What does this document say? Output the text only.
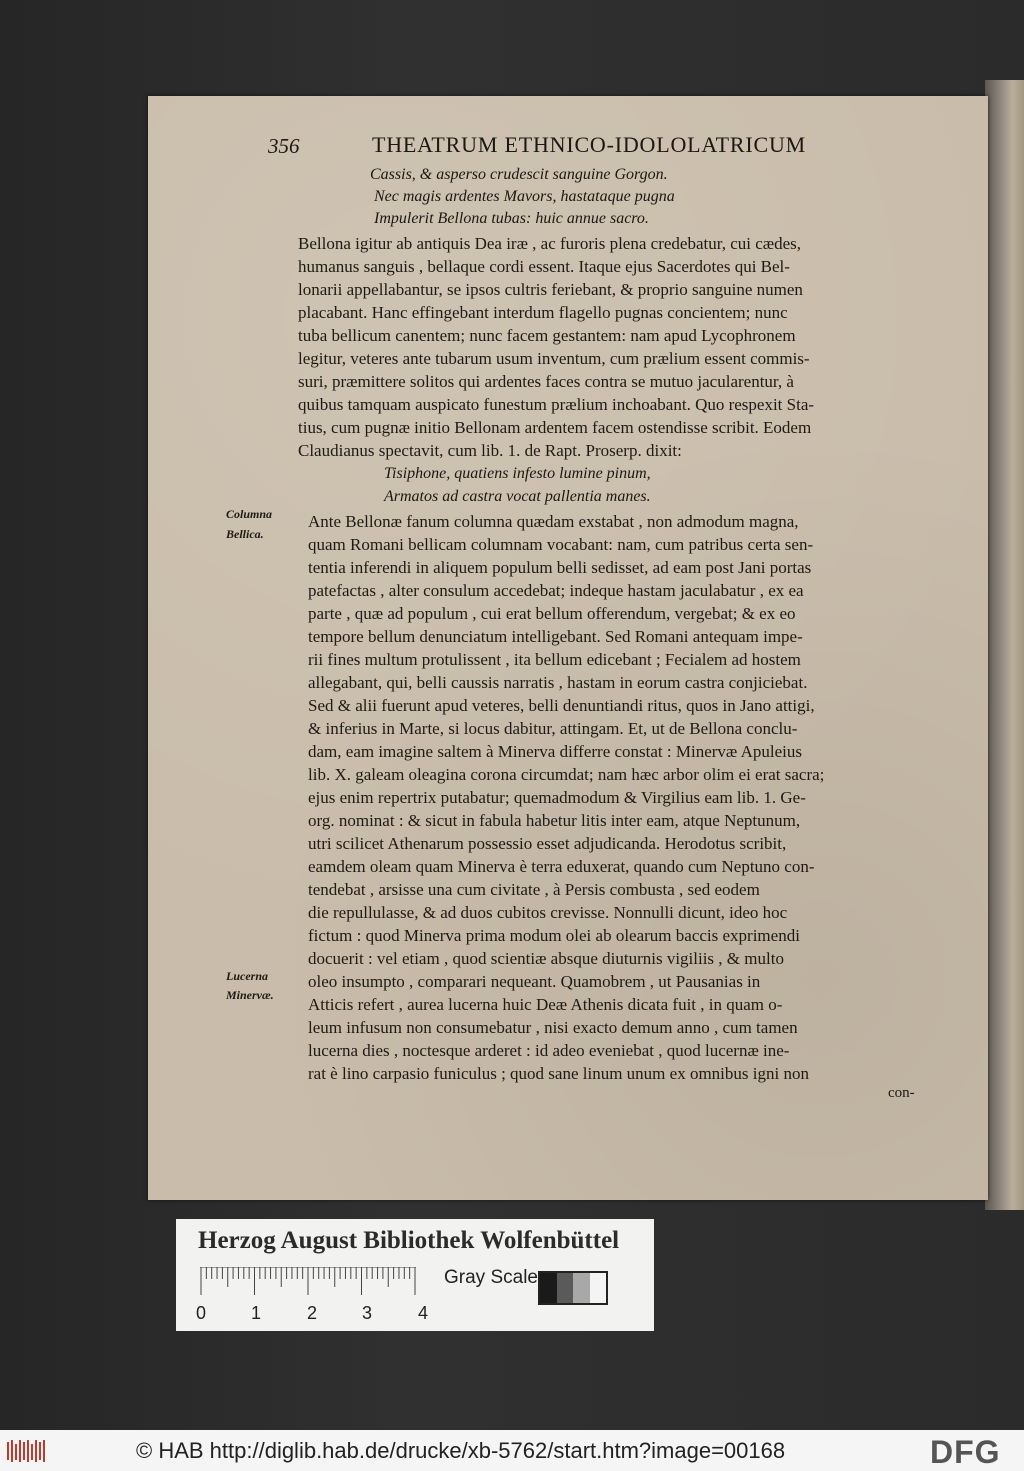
356	THEATRUM ETHNICO-IDOLOLATRICUM
Cassis, & asperso crudescit sanguine Gorgon.
Nec magis ardentes Mavors, hastataque pugna
Impulerit Bellona tubas: huic annue sacro.
Bellona igitur ab antiquis Dea iræ , ac furoris plena credebatur, cui cædes,
humanus sanguis , bellaque cordi essent. Itaque ejus Sacerdotes qui Bel-
lonarii appellabantur, se ipsos cultris feriebant, & proprio sanguine numen
placabant. Hanc effingebant interdum flagello pugnas concientem; nunc
tuba bellicum canentem; nunc facem gestantem: nam apud Lycophronem
legitur, veteres ante tubarum usum inventum, cum prælium essent commis-
suri, præmittere solitos qui ardentes faces contra se mutuo jacularentur, à
quibus tamquam auspicato funestum prælium inchoabant. Quo respexit Sta-
tius, cum pugnæ initio Bellonam ardentem facem ostendisse scribit. Eodem
Claudianus spectavit, cum lib. 1. de Rapt. Proserp. dixit:
Tisiphone, quatiens infesto lumine pinum,
Armatos ad castra vocat pallentia manes.
Columna
Bellica.
Lucerna
Minervæ.
Ante Bellonæ fanum columna quædam exstabat , non admodum magna,
quam Romani bellicam columnam vocabant: nam, cum patribus certa sen-
tentia inferendi in aliquem populum belli sedisset, ad eam post Jani portas
patefactas , alter consulum accedebat; indeque hastam jaculabatur , ex ea
parte , quæ ad populum , cui erat bellum offerendum, vergebat; & ex eo
tempore bellum denunciatum intelligebant. Sed Romani antequam impe-
rii fines multum protulissent , ita bellum edicebant ; Fecialem ad hostem
allegabant, qui, belli caussis narratis , hastam in eorum castra conjiciebat.
Sed & alii fuerunt apud veteres, belli denuntiandi ritus, quos in Jano attigi,
& inferius in Marte, si locus dabitur, attingam. Et, ut de Bellona conclu-
dam, eam imagine saltem à Minerva differre constat : Minervæ Apuleius
lib. X. galeam oleagina corona circumdat; nam hæc arbor olim ei erat sacra;
ejus enim repertrix putabatur; quemadmodum & Virgilius eam lib. 1. Ge-
org. nominat : & sicut in fabula habetur litis inter eam, atque Neptunum,
utri scilicet Athenarum possessio esset adjudicanda. Herodotus scribit,
eamdem oleam quam Minerva è terra eduxerat, quando cum Neptuno con-
tendebat , arsisse una cum civitate , à Persis combusta , sed eodem
die repullulasse, & ad duos cubitos crevisse. Nonnulli dicunt, ideo hoc
fictum : quod Minerva prima modum olei ab olearum baccis exprimendi
docuerit : vel etiam , quod scientiæ absque diuturnis vigiliis , & multo
oleo insumpto , comparari nequeant. Quamobrem , ut Pausanias in
Atticis refert , aurea lucerna huic Deæ Athenis dicata fuit , in quam o-
leum infusum non consumebatur , nisi exacto demum anno , cum tamen
lucerna dies , noctesque arderet : id adeo eveniebat , quod lucernæ ine-
rat è lino carpasio funiculus ; quod sane linum unum ex omnibus igni non
con-
Herzog August Bibliothek Wolfenbüttel
0 1	2 3	4
Gray Scale
© HAB http://diglib.hab.de/drucke/xb-5762/start.htm?image=00168	DFG
